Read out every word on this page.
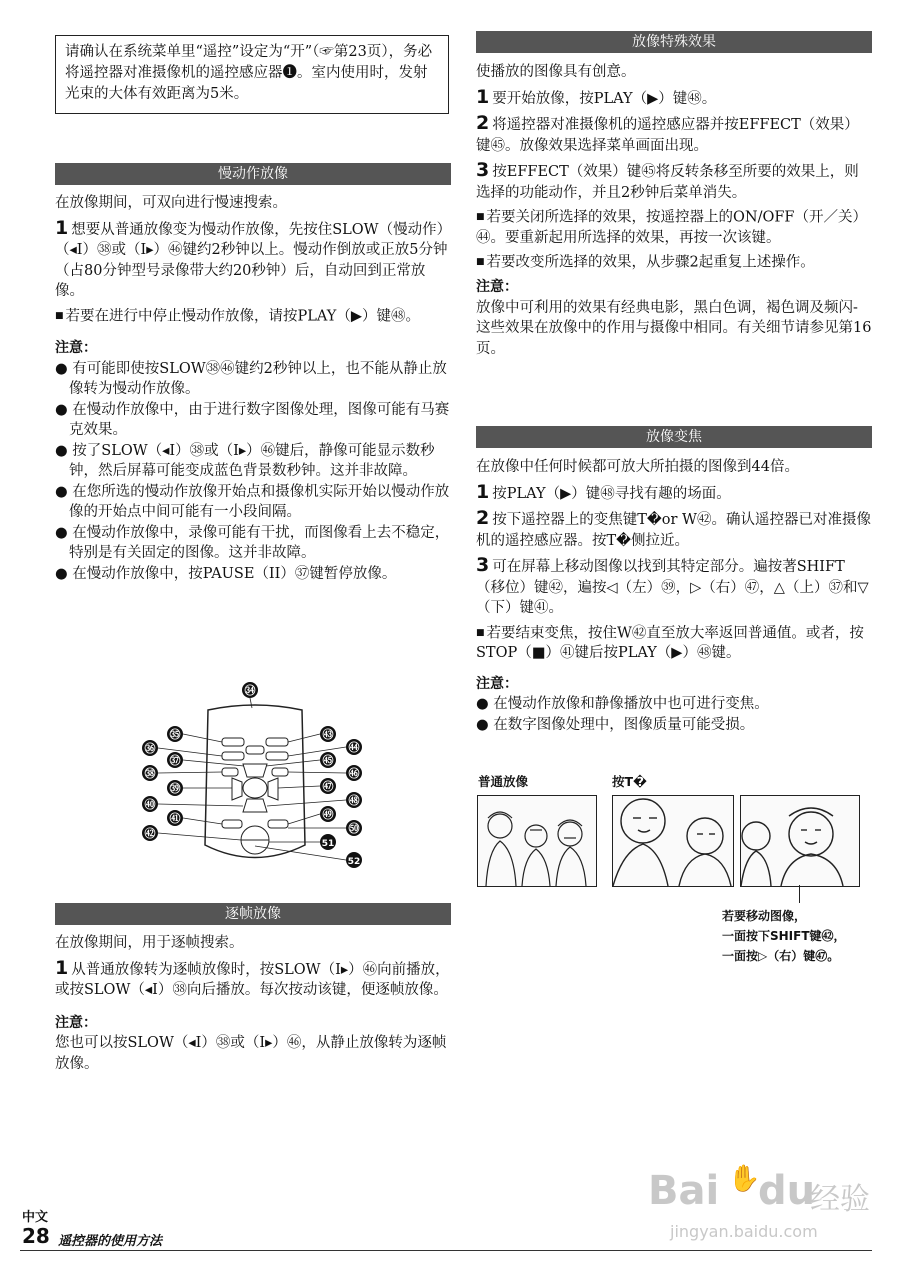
请确认在系统菜单里“遥控”设定为“开”（☞第23页），务必将遥控器对准摄像机的遥控感应器❶。室内使用时，发射光束的大体有效距离为5米。
慢动作放像

在放像期间，可双向进行慢速搜索。

1 想要从普通放像变为慢动作放像，先按住SLOW（慢动作）（◂I）㊳或（I▸）㊻键约2秒钟以上。慢动作倒放或正放5分钟（占80分钟型号录像带大约20秒钟）后，自动回到正常放像。

■ 若要在进行中停止慢动作放像，请按PLAY（▶）键㊽。

注意：
● 有可能即使按SLOW㊳㊻键约2秒钟以上，也不能从静止放像转为慢动作放像。
● 在慢动作放像中，由于进行数字图像处理，图像可能有马赛克效果。
● 按了SLOW（◂I）㊳或（I▸）㊻键后，静像可能显示数秒钟，然后屏幕可能变成蓝色背景数秒钟。这并非故障。
● 在您所选的慢动作放像开始点和摄像机实际开始以慢动作放像的开始点中间可能有一小段间隔。
● 在慢动作放像中，录像可能有干扰，而图像看上去不稳定，特别是有关固定的图像。这并非故障。
● 在慢动作放像中，按PAUSE（II）㊲键暂停放像。
㉞
㉟
㊱
㊲
㊳
㊴
㊵
㊶
㊷
㊸
㊹
㊺
㊻
㊼
㊽
㊾
㊿
51
52
逐帧放像

在放像期间，用于逐帧搜索。

1 从普通放像转为逐帧放像时，按SLOW（I▸）㊻向前播放，或按SLOW（◂I）㊳向后播放。每次按动该键，便逐帧放像。

注意：

您也可以按SLOW（◂I）㊳或（I▸）㊻，从静止放像转为逐帧放像。

放像特殊效果

使播放的图像具有创意。

1 要开始放像，按PLAY（▶）键㊽。

2 将遥控器对准摄像机的遥控感应器并按EFFECT（效果）键㊺。放像效果选择菜单画面出现。

3 按EFFECT（效果）键㊺将反转条移至所要的效果上，则选择的功能动作，并且2秒钟后菜单消失。

■ 若要关闭所选择的效果，按遥控器上的ON/OFF（开／关）㊹。要重新起用所选择的效果，再按一次该键。

■ 若要改变所选择的效果，从步骤2起重复上述操作。

注意：

放像中可利用的效果有经典电影，黑白色调，褐色调及频闪-这些效果在放像中的作用与摄像中相同。有关细节请参见第16页。

放像变焦

在放像中任何时候都可放大所拍摄的图像到44倍。

1 按PLAY（▶）键㊽寻找有趣的场面。

2 按下遥控器上的变焦键T�or W㊷。确认遥控器已对准摄像机的遥控感应器。按T�侧拉近。

3 可在屏幕上移动图像以找到其特定部分。遍按著SHIFT（移位）键㊷，遍按◁（左）㊴，▷（右）㊼，△（上）㊲和▽（下）键㊶。

■ 若要结束变焦，按住W㊷直至放大率返回普通值。或者，按STOP（■）㊶键后按PLAY（▶）㊽键。

注意：
● 在慢动作放像和静像播放中也可进行变焦。
● 在数字图像处理中，图像质量可能受损。
普通放像	按T�
若要移动图像，
一面按下SHIFT键㊷，
一面按▷（右）键㊼。
Bai ✋
du
经验
jingyan.baidu.com
中文
28 遥控器的使用方法
